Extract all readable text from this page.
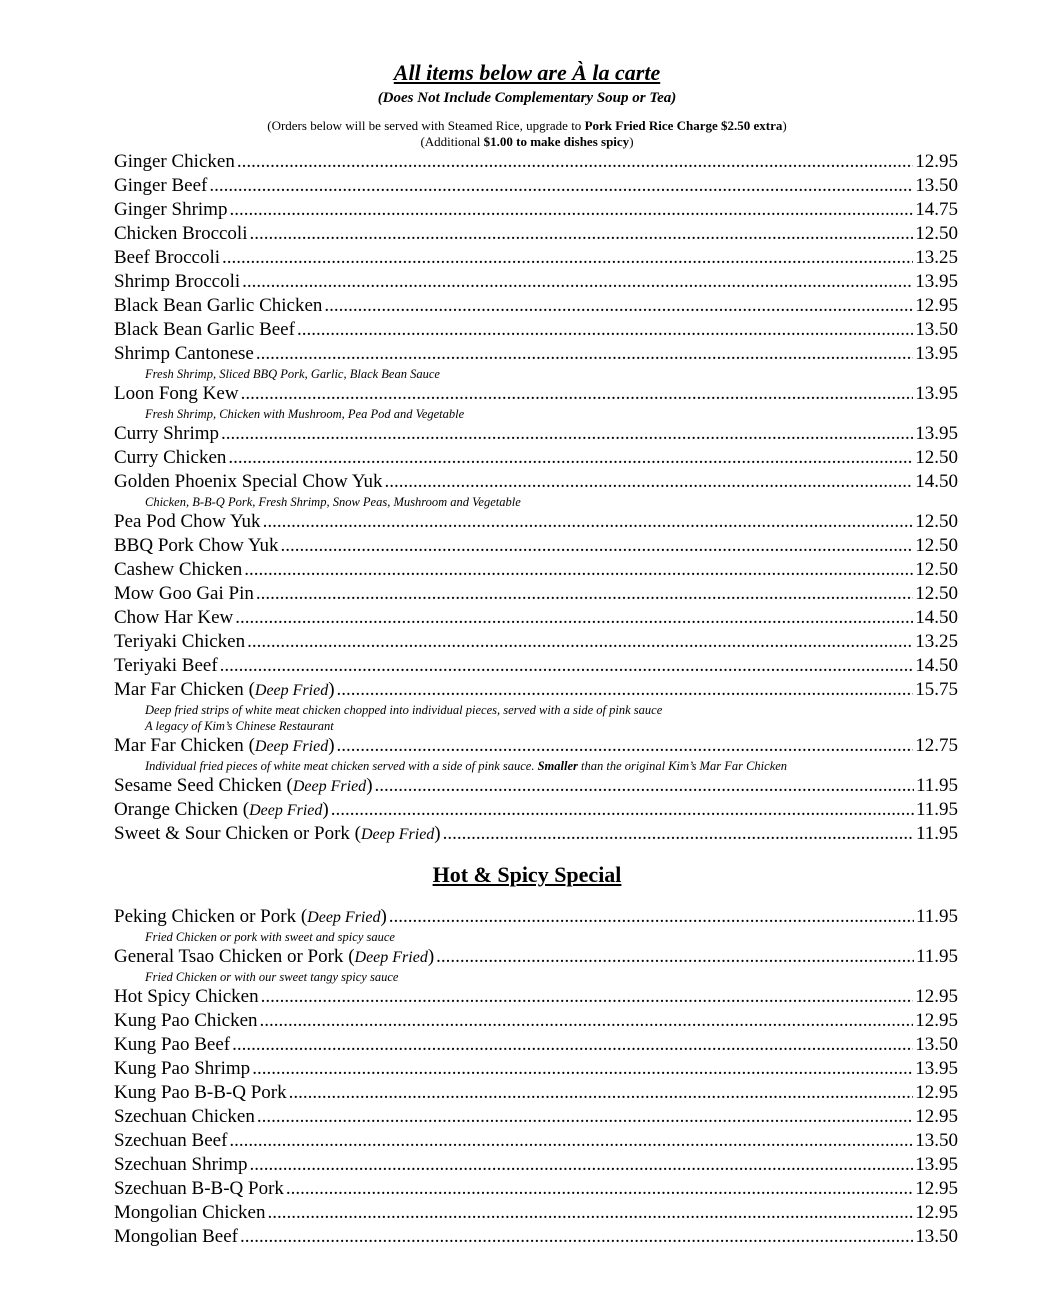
All items below are À la carte
(Does Not Include Complementary Soup or Tea)
(Orders below will be served with Steamed Rice, upgrade to Pork Fried Rice Charge $2.50 extra)
(Additional $1.00 to make dishes spicy)
Ginger Chicken .....	12.95
Ginger Beef .....	13.50
Ginger Shrimp .....	14.75
Chicken Broccoli .....	12.50
Beef Broccoli .....	13.25
Shrimp Broccoli .....	13.95
Black Bean Garlic Chicken .....	12.95
Black Bean Garlic Beef .....	13.50
Shrimp Cantonese .....	13.95
Fresh Shrimp, Sliced BBQ Pork, Garlic, Black Bean Sauce
Loon Fong Kew .....	13.95
Fresh Shrimp, Chicken with Mushroom, Pea Pod and Vegetable
Curry Shrimp .....	13.95
Curry Chicken .....	12.50
Golden Phoenix Special Chow Yuk .....	14.50
Chicken, B-B-Q Pork, Fresh Shrimp, Snow Peas, Mushroom and Vegetable
Pea Pod Chow Yuk .....	12.50
BBQ Pork Chow Yuk .....	12.50
Cashew Chicken .....	12.50
Mow Goo Gai Pin .....	12.50
Chow Har Kew .....	14.50
Teriyaki Chicken .....	13.25
Teriyaki Beef .....	14.50
Mar Far Chicken (Deep Fried) .....	15.75
Deep fried strips of white meat chicken chopped into individual pieces, served with a side of pink sauce
A legacy of Kim’s Chinese Restaurant
Mar Far Chicken (Deep Fried) .....	12.75
Individual fried pieces of white meat chicken served with a side of pink sauce. Smaller than the original Kim’s Mar Far Chicken
Sesame Seed Chicken (Deep Fried) .....	11.95
Orange Chicken (Deep Fried) .....	11.95
Sweet & Sour Chicken or Pork (Deep Fried) .....	11.95
Hot & Spicy Special
Peking Chicken or Pork (Deep Fried) .....	11.95
Fried Chicken or pork with sweet and spicy sauce
General Tsao Chicken or Pork (Deep Fried) .....	11.95
Fried Chicken or with our sweet tangy spicy sauce
Hot Spicy Chicken .....	12.95
Kung Pao Chicken .....	12.95
Kung Pao Beef .....	13.50
Kung Pao Shrimp .....	13.95
Kung Pao B-B-Q Pork .....	12.95
Szechuan Chicken .....	12.95
Szechuan Beef .....	13.50
Szechuan Shrimp .....	13.95
Szechuan B-B-Q Pork .....	12.95
Mongolian Chicken .....	12.95
Mongolian Beef .....	13.50
